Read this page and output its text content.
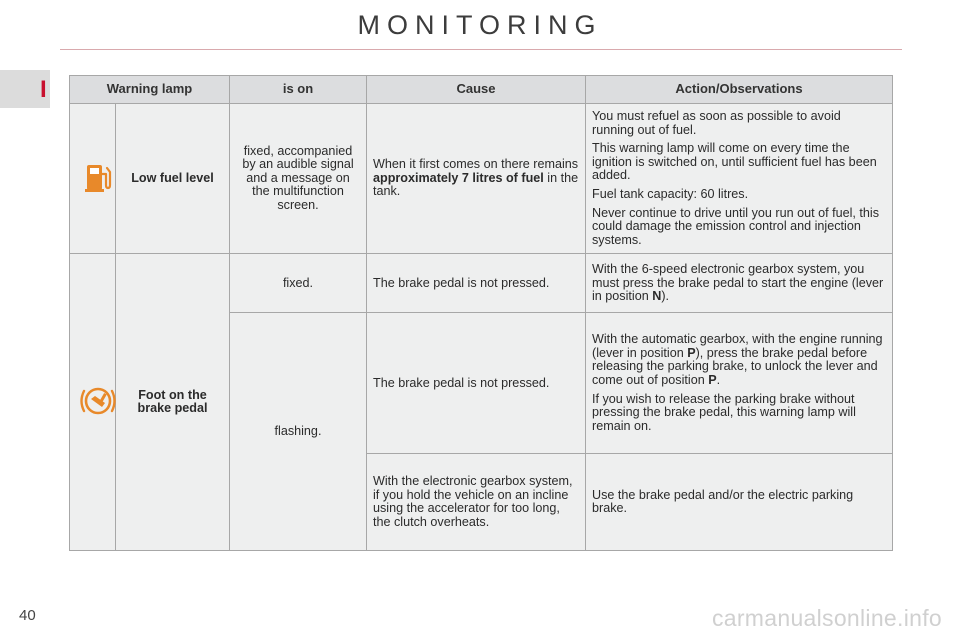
MONITORING
I	Warning lamp		is on	Cause	Action/Observations
	Low fuel level	fixed, accompanied by an audible signal and a message on the multifunction screen.	When it first comes on there remains approximately 7 litres of fuel in the tank.	You must refuel as soon as possible to avoid running out of fuel.

This warning lamp will come on every time the ignition is switched on, until sufficient fuel has been added.

Fuel tank capacity: 60 litres.

Never continue to drive until you run out of fuel, this could damage the emission control and injection systems.

	Foot on the brake pedal	fixed.	The brake pedal is not pressed.	With the 6-speed electronic gearbox system, you must press the brake pedal to start the engine (lever in position N).
		flashing.	The brake pedal is not pressed.	With the automatic gearbox, with the engine running (lever in position P), press the brake pedal before releasing the parking brake, to unlock the lever and come out of position P.

If you wish to release the parking brake without pressing the brake pedal, this warning lamp will remain on.

			With the electronic gearbox system, if you hold the vehicle on an incline using the accelerator for too long, the clutch overheats.	Use the brake pedal and/or the electric parking brake.
40	carmanualsonline.info
